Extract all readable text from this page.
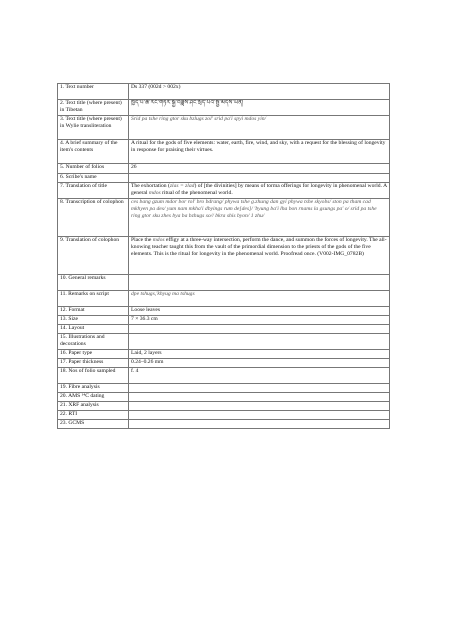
1. Text number	Ds 337 (002d > 002x)
2. Text title (where present) in Tibetan	ཁྱོད་པ་ཚེ་རིང་གཏོར་སྐྱ་བཟླས་ཤིང་སྲིད་པའི་སྤྱི་མདོས་ཡིན།
3. Text title (where present) in Wylie transliteration	Srid pa tshe ring gtor sku bzlugs zol' srid pa'i spyi mdos yin/
4. A brief summary of the item's contents	A ritual for the gods of five elements: water, earth, fire, wind, and sky, with a request for the blessing of longevity in response for praising their virtues.
5. Number of folios	26
6. Scribe's name	
7. Translation of title	The exhortation (zlas = zlad) of [the divinities] by means of torma offerings for longevity in phenomenal world. A general mdos ritual of the phenomenal world.
8. Transcription of colophon	ces bang gzum mdor bor rol' bro bdrang/ phywa tshe g.zhung dan gyi phywa tshe skyobs/ ston pa tham cad mkhyen pa des/ yum nam mkha'i dbyings rum de[des]/ 'byung ba'i lha bon rnams la gsungs pa' o/ srid pa tshe ring gtor sku zhes bya ba bzhugs so// bkra shis byon/ 1 zhu/
9. Translation of colophon	Place the mdos effigy at a three-way intersection, perform the dance, and summon the forces of longevity. The all-knowing teacher taught this from the vault of the primordial dimension to the priests of the gods of the five elements. This is the ritual for longevity in the phenomenal world. Proofread once. (V002-IMG_0782B)
10. General remarks	
11. Remarks on script	dpe tshugs,'khyug ma tshugs
12. Format	Loose leaves
13. Size	7 × 36.3 cm
14. Layout	
15. Illustrations and decorations	
16. Paper type	Laid, 2 layers
17. Paper thickness	0.24–0.26 mm
18. Nos of folio sampled	f. 4
19. Fibre analysis	
20. AMS ¹⁴C dating	
21. XRF analysis	
22. RTI	
23. GCMS	
